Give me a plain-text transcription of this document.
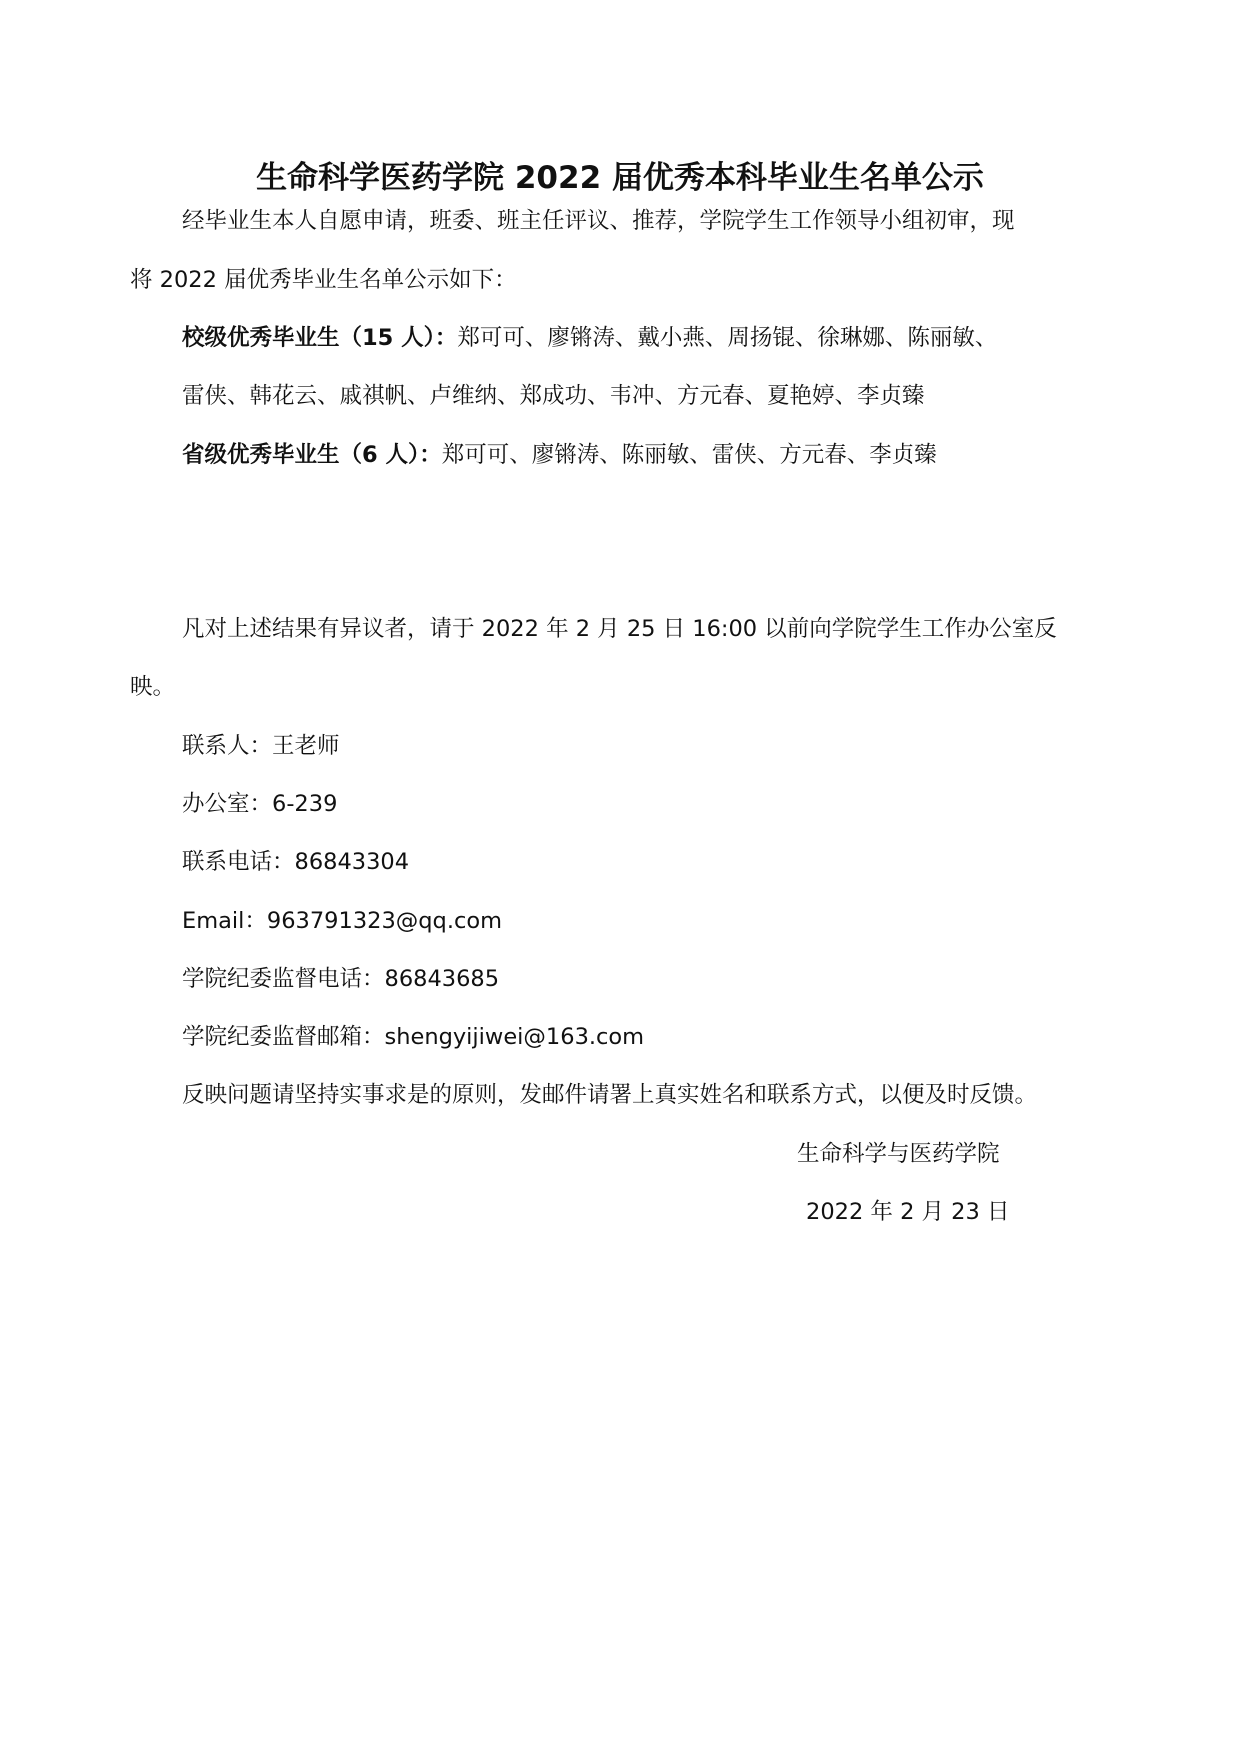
生命科学医药学院 2022 届优秀本科毕业生名单公示
经毕业生本人自愿申请，班委、班主任评议、推荐，学院学生工作领导小组初审，现
将 2022 届优秀毕业生名单公示如下：
校级优秀毕业生（15 人）：郑可可、廖锵涛、戴小燕、周扬锟、徐琳娜、陈丽敏、
雷侠、韩花云、戚祺帆、卢维纳、郑成功、韦冲、方元春、夏艳婷、李贞臻
省级优秀毕业生（6 人）：郑可可、廖锵涛、陈丽敏、雷侠、方元春、李贞臻
凡对上述结果有异议者，请于 2022 年 2 月 25 日 16:00 以前向学院学生工作办公室反
映。
联系人：王老师
办公室：6-239
联系电话：86843304
Email：963791323@qq.com
学院纪委监督电话：86843685
学院纪委监督邮箱：shengyijiwei@163.com
反映问题请坚持实事求是的原则，发邮件请署上真实姓名和联系方式，以便及时反馈。
生命科学与医药学院
2022 年 2 月 23 日
